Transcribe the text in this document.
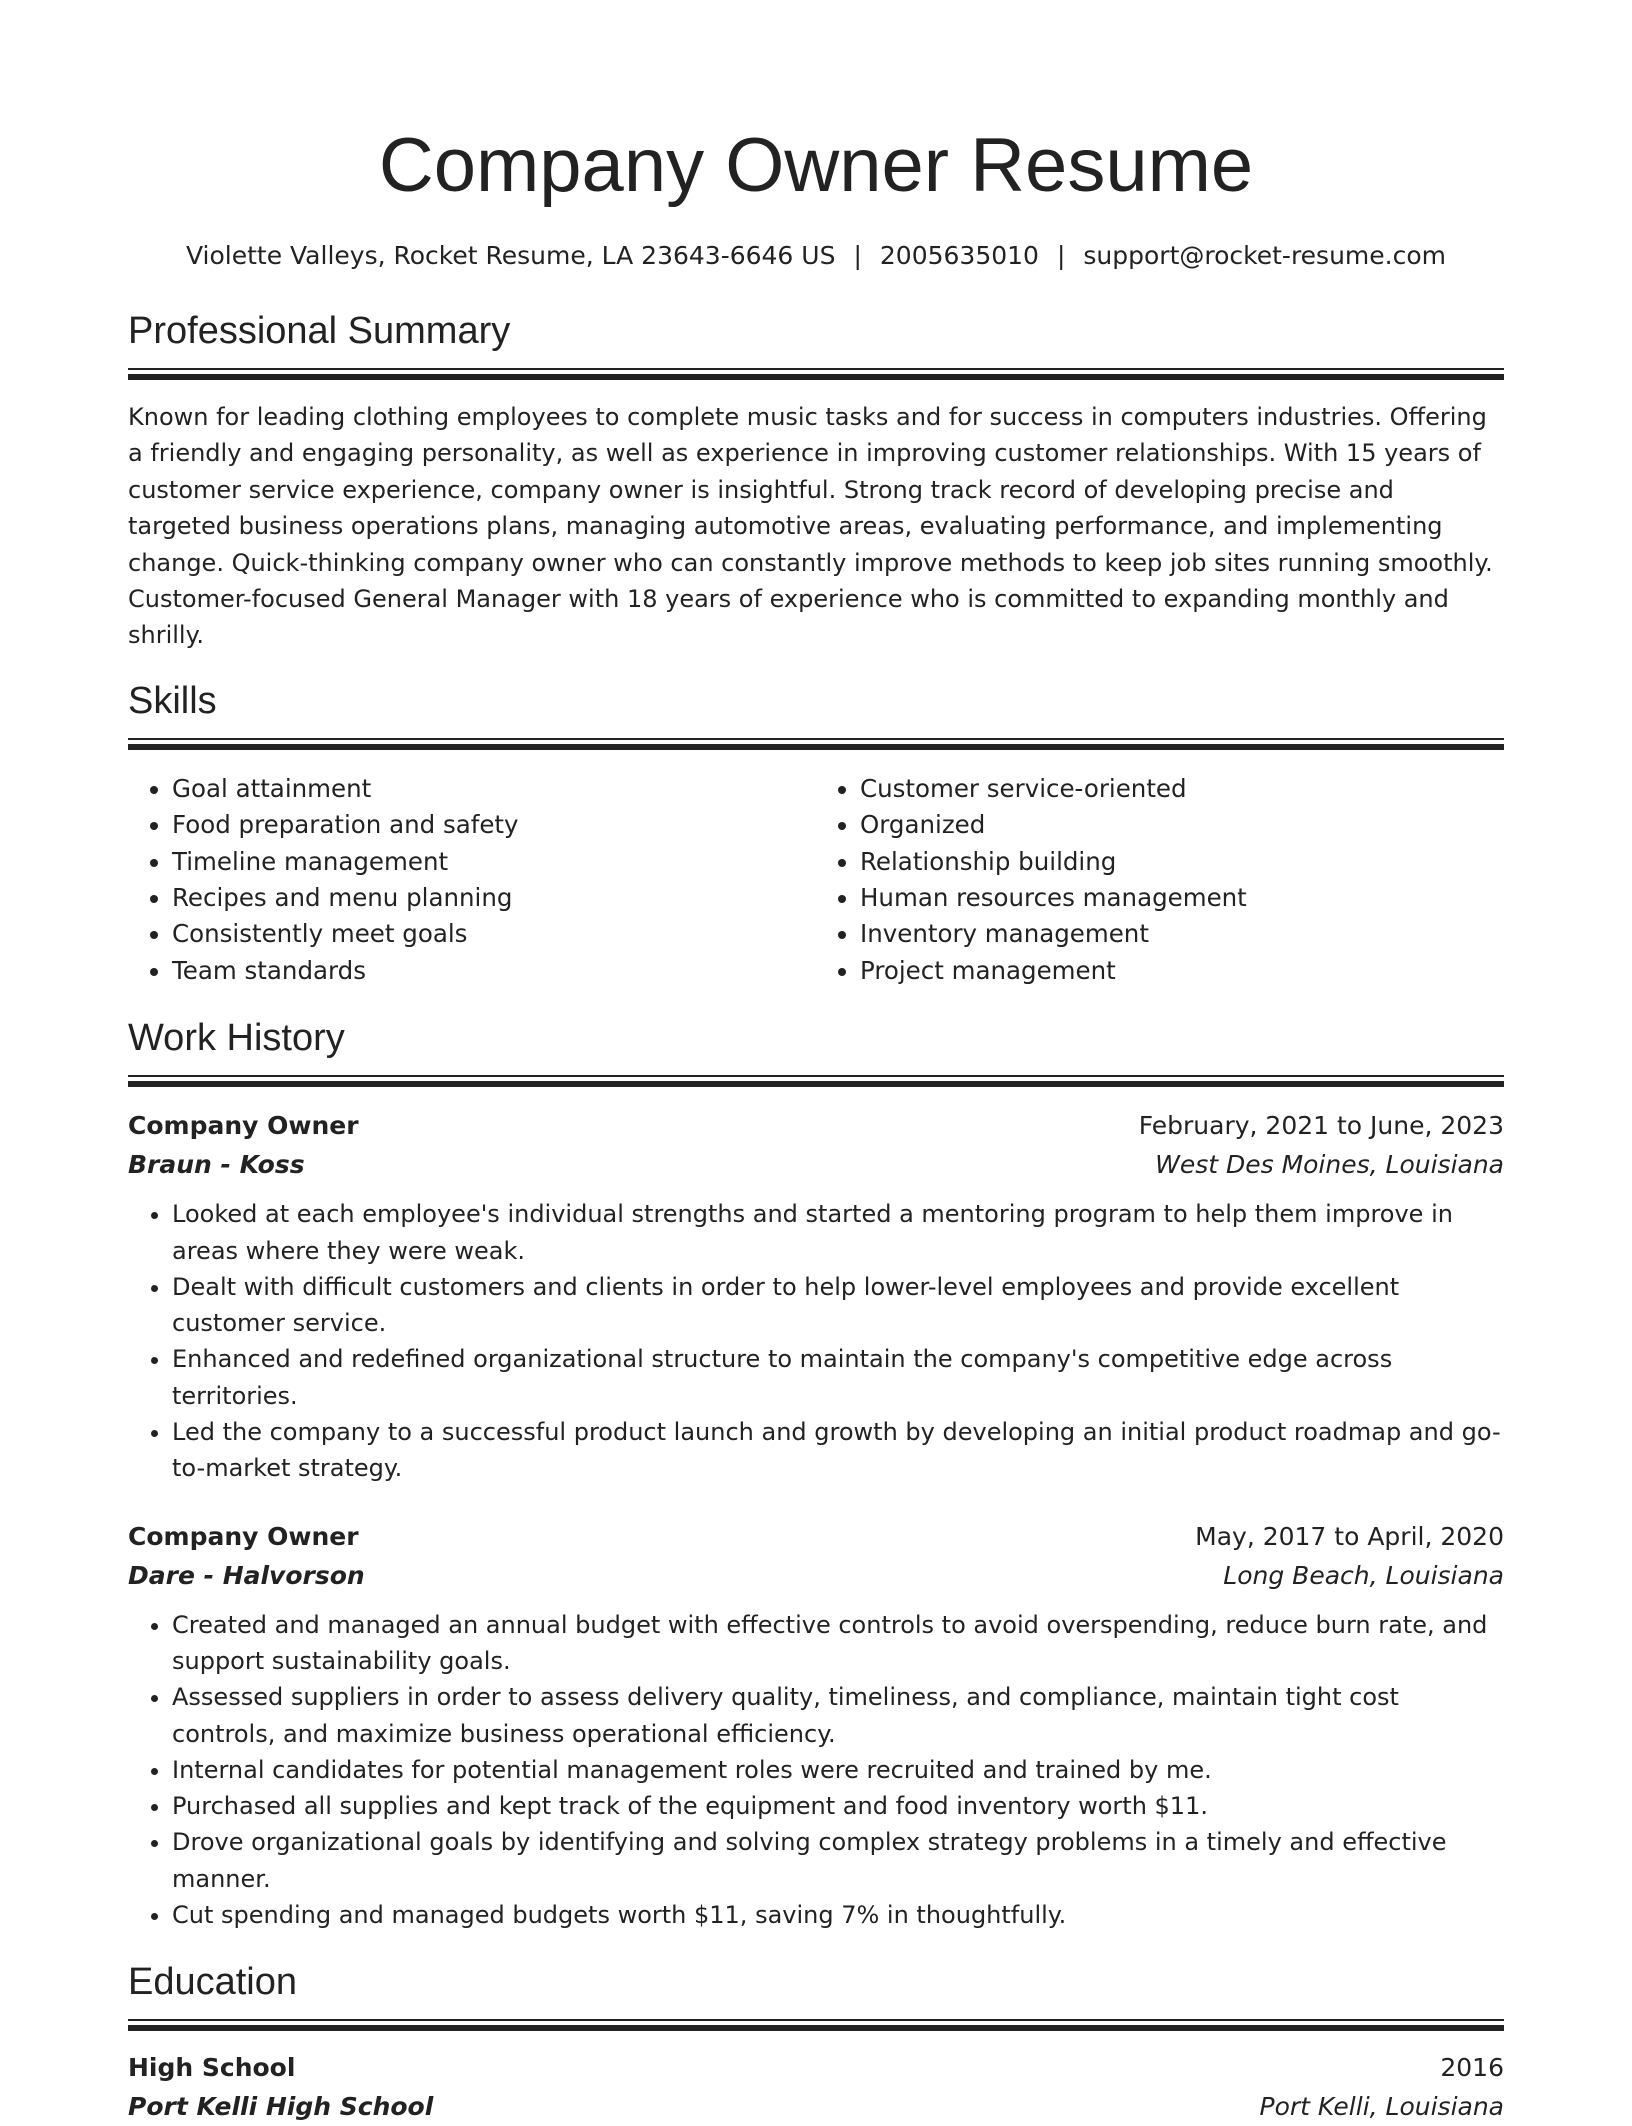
Company Owner Resume
Violette Valleys, Rocket Resume, LA 23643-6646 US | 2005635010 | support@rocket-resume.com
Professional Summary

Known for leading clothing employees to complete music tasks and for success in computers industries. Offering a friendly and engaging personality, as well as experience in improving customer relationships. With 15 years of customer service experience, company owner is insightful. Strong track record of developing precise and targeted business operations plans, managing automotive areas, evaluating performance, and implementing change. Quick-thinking company owner who can constantly improve methods to keep job sites running smoothly. Customer-focused General Manager with 18 years of experience who is committed to expanding monthly and shrilly.

Skills
• Goal attainment
• Food preparation and safety
• Timeline management
• Recipes and menu planning
• Consistently meet goals
• Team standards
• Customer service-oriented
• Organized
• Relationship building
• Human resources management
• Inventory management
• Project management
Work History
Company Owner	February, 2021 to June, 2023
Braun - Koss	West Des Moines, Louisiana
• Looked at each employee's individual strengths and started a mentoring program to help them improve in areas where they were weak.
• Dealt with difficult customers and clients in order to help lower-level employees and provide excellent customer service.
• Enhanced and redefined organizational structure to maintain the company's competitive edge across territories.
• Led the company to a successful product launch and growth by developing an initial product roadmap and go-to-market strategy.
Company Owner	May, 2017 to April, 2020
Dare - Halvorson	Long Beach, Louisiana
• Created and managed an annual budget with effective controls to avoid overspending, reduce burn rate, and support sustainability goals.
• Assessed suppliers in order to assess delivery quality, timeliness, and compliance, maintain tight cost controls, and maximize business operational efficiency.
• Internal candidates for potential management roles were recruited and trained by me.
• Purchased all supplies and kept track of the equipment and food inventory worth $11.
• Drove organizational goals by identifying and solving complex strategy problems in a timely and effective manner.
• Cut spending and managed budgets worth $11, saving 7% in thoughtfully.
Education
High School	2016
Port Kelli High School	Port Kelli, Louisiana
